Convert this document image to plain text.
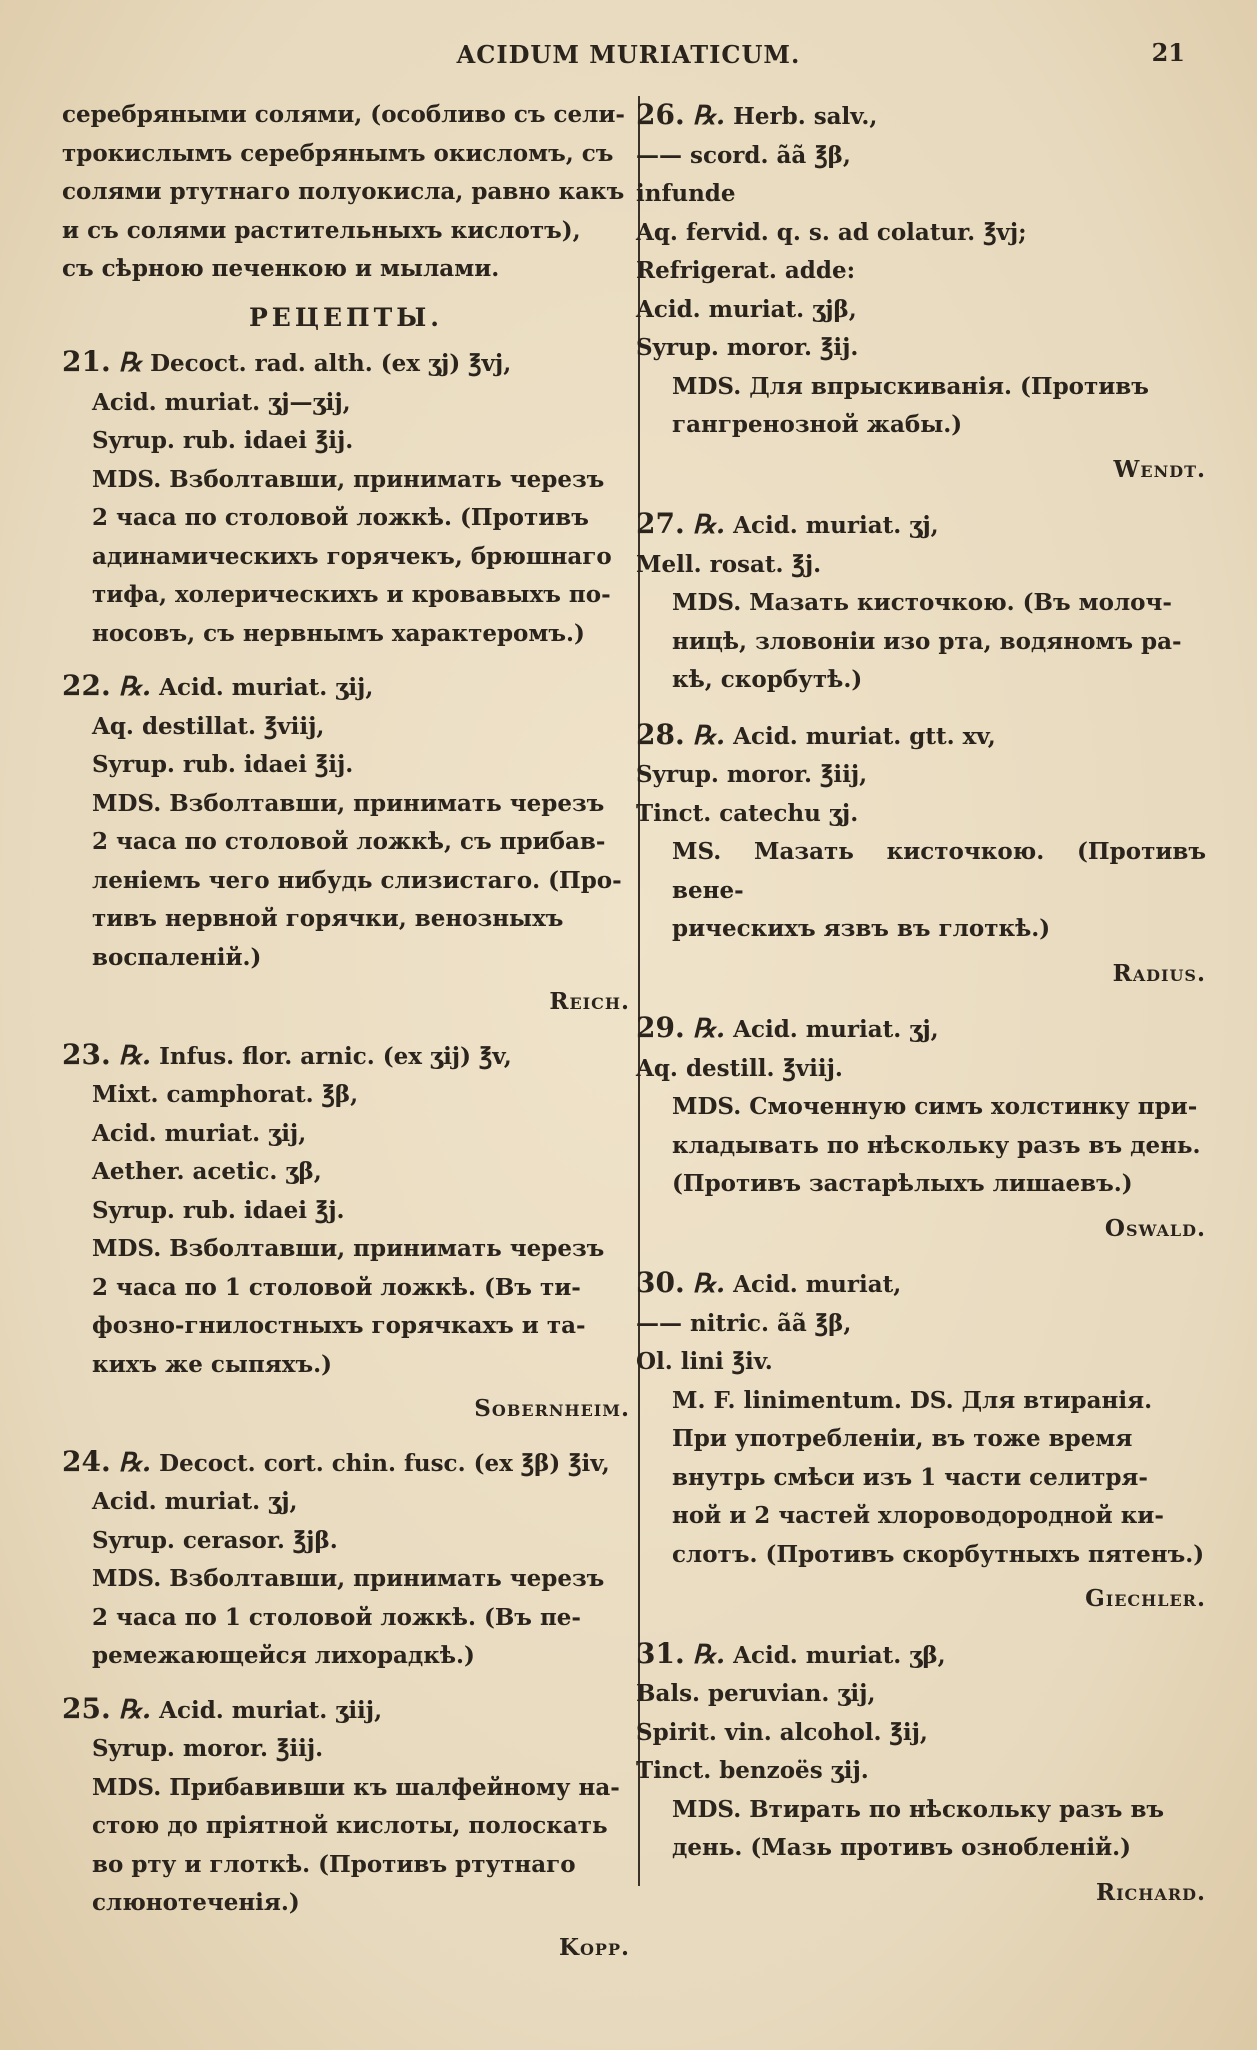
ACIDUM MURIATICUM.	21

серебряными солями, (особливо съ сели-

трокислымъ серебрянымъ окисломъ, съ

солями ртутнаго полуокисла, равно какъ

и съ солями растительныхъ кислотъ),

съ сѣрною печенкою и мылами.

РЕЦЕПТЫ.

21. ℞ Decoct. rad. alth. (ex ʒj) ℥vj,

Acid. muriat. ʒj—ʒij,

Syrup. rub. idaei ℥ij.

MDS. Взболтавши, принимать черезъ

2 часа по столовой ложкѣ. (Противъ

адинамическихъ горячекъ, брюшнаго

тифа, холерическихъ и кровавыхъ по-

носовъ, съ нервнымъ характеромъ.)

22. ℞. Acid. muriat. ʒij,

Aq. destillat. ℥viij,

Syrup. rub. idaei ℥ij.

MDS. Взболтавши, принимать черезъ

2 часа по столовой ложкѣ, съ прибав-

леніемъ чего нибудь слизистаго. (Про-

тивъ нервной горячки, венозныхъ

воспаленій.)

Reich.

23. ℞. Infus. flor. arnic. (ex ʒij) ℥v,

Mixt. camphorat. ℥β,

Acid. muriat. ʒij,

Aether. acetic. ʒβ,

Syrup. rub. idaei ℥j.

MDS. Взболтавши, принимать черезъ

2 часа по 1 столовой ложкѣ. (Въ ти-

фозно-гнилостныхъ горячкахъ и та-

кихъ же сыпяхъ.)

Sobernheim.

24. ℞. Decoct. cort. chin. fusc. (ex ℥β) ℥iv,

Acid. muriat. ʒj,

Syrup. cerasor. ℥jβ.

MDS. Взболтавши, принимать черезъ

2 часа по 1 столовой ложкѣ. (Въ пе-

ремежающейся лихорадкѣ.)

25. ℞. Acid. muriat. ʒiij,

Syrup. moror. ℥iij.

MDS. Прибавивши къ шалфейному на-

стою до пріятной кислоты, полоскать

во рту и глоткѣ. (Противъ ртутнаго

слюнотеченія.)

Kopp.

26. ℞. Herb. salv.,

—— scord. ãã ℥β,

infunde

Aq. fervid. q. s. ad colatur. ℥vj;

Refrigerat. adde:

Acid. muriat. ʒjβ,

Syrup. moror. ℥ij.

MDS. Для впрыскиванія. (Противъ

гангренозной жабы.)

Wendt.

27. ℞. Acid. muriat. ʒj,

Mell. rosat. ℥j.

MDS. Мазать кисточкою. (Въ молоч-

ницѣ, зловоніи изо рта, водяномъ ра-

кѣ, скорбутѣ.)

28. ℞. Acid. muriat. gtt. xv,

Syrup. moror. ℥iij,

Tinct. catechu ʒj.

MS. Мазать кисточкою. (Противъ вене-

рическихъ язвъ въ глоткѣ.)

Radius.

29. ℞. Acid. muriat. ʒj,

Aq. destill. ℥viij.

MDS. Смоченную симъ холстинку при-

кладывать по нѣскольку разъ въ день.

(Противъ застарѣлыхъ лишаевъ.)

Oswald.

30. ℞. Acid. muriat,

—— nitric. ãã ℥β,

Ol. lini ℥iv.

M. F. linimentum. DS. Для втиранія.

При употребленіи, въ тоже время

внутрь смѣси изъ 1 части селитря-

ной и 2 частей хлороводородной ки-

слотъ. (Противъ скорбутныхъ пятенъ.)

Giechler.

31. ℞. Acid. muriat. ʒβ,

Bals. peruvian. ʒij,

Spirit. vin. alcohol. ℥ij,

Tinct. benzoës ʒij.

MDS. Втирать по нѣскольку разъ въ

день. (Мазь противъ ознобленій.)

Richard.
